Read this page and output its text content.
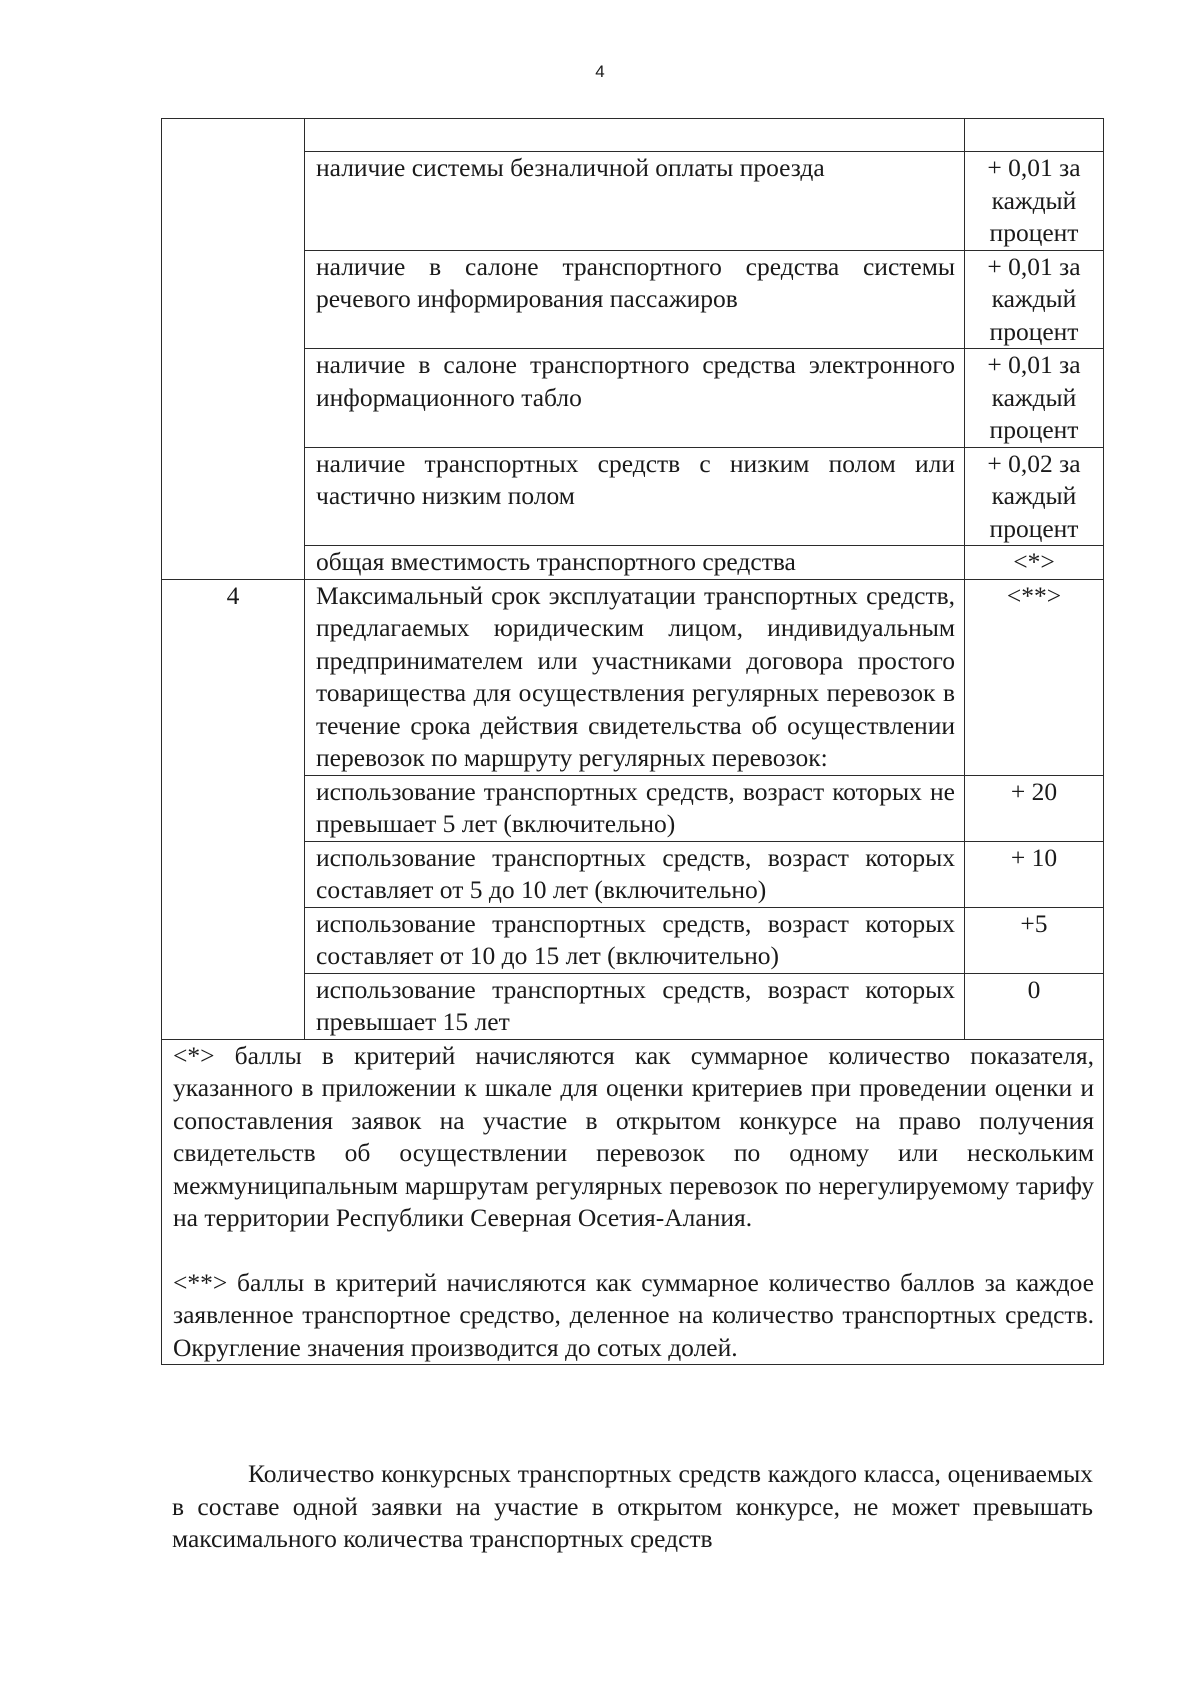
4

	наличие системы безналичной оплаты проезда	+ 0,01 за каждый процент
	наличие в салоне транспортного средства системы речевого информирования пассажиров	+ 0,01 за каждый процент
	наличие в салоне транспортного средства электронного информационного табло	+ 0,01 за каждый процент
	наличие транспортных средств с низким полом или частично низким полом	+ 0,02 за каждый процент
	общая вместимость транспортного средства	<*>
4	Максимальный срок эксплуатации транспортных средств, предлагаемых юридическим лицом, индивидуальным предпринимателем или участниками договора простого товарищества для осуществления регулярных перевозок в течение срока действия свидетельства об осуществлении перевозок по маршруту регулярных перевозок:	<**>
	использование транспортных средств, возраст которых не превышает 5 лет (включительно)	+ 20
	использование транспортных средств, возраст которых составляет от 5 до 10 лет (включительно)	+ 10
	использование транспортных средств, возраст которых составляет от 10 до 15 лет (включительно)	+5
	использование транспортных средств, возраст которых превышает 15 лет	0

<*> баллы в критерий начисляются как суммарное количество показателя, указанного в приложении к шкале для оценки критериев при проведении оценки и сопоставления заявок на участие в открытом конкурсе на право получения свидетельств об осуществлении перевозок по одному или нескольким межмуниципальным маршрутам регулярных перевозок по нерегулируемому тарифу на территории Республики Северная Осетия-Алания.
<**> баллы в критерий начисляются как суммарное количество баллов за каждое заявленное транспортное средство, деленное на количество транспортных средств. Округление значения производится до сотых долей.		

Количество конкурсных транспортных средств каждого класса, оцениваемых в составе одной заявки на участие в открытом конкурсе, не может превышать максимального количества транспортных средств
